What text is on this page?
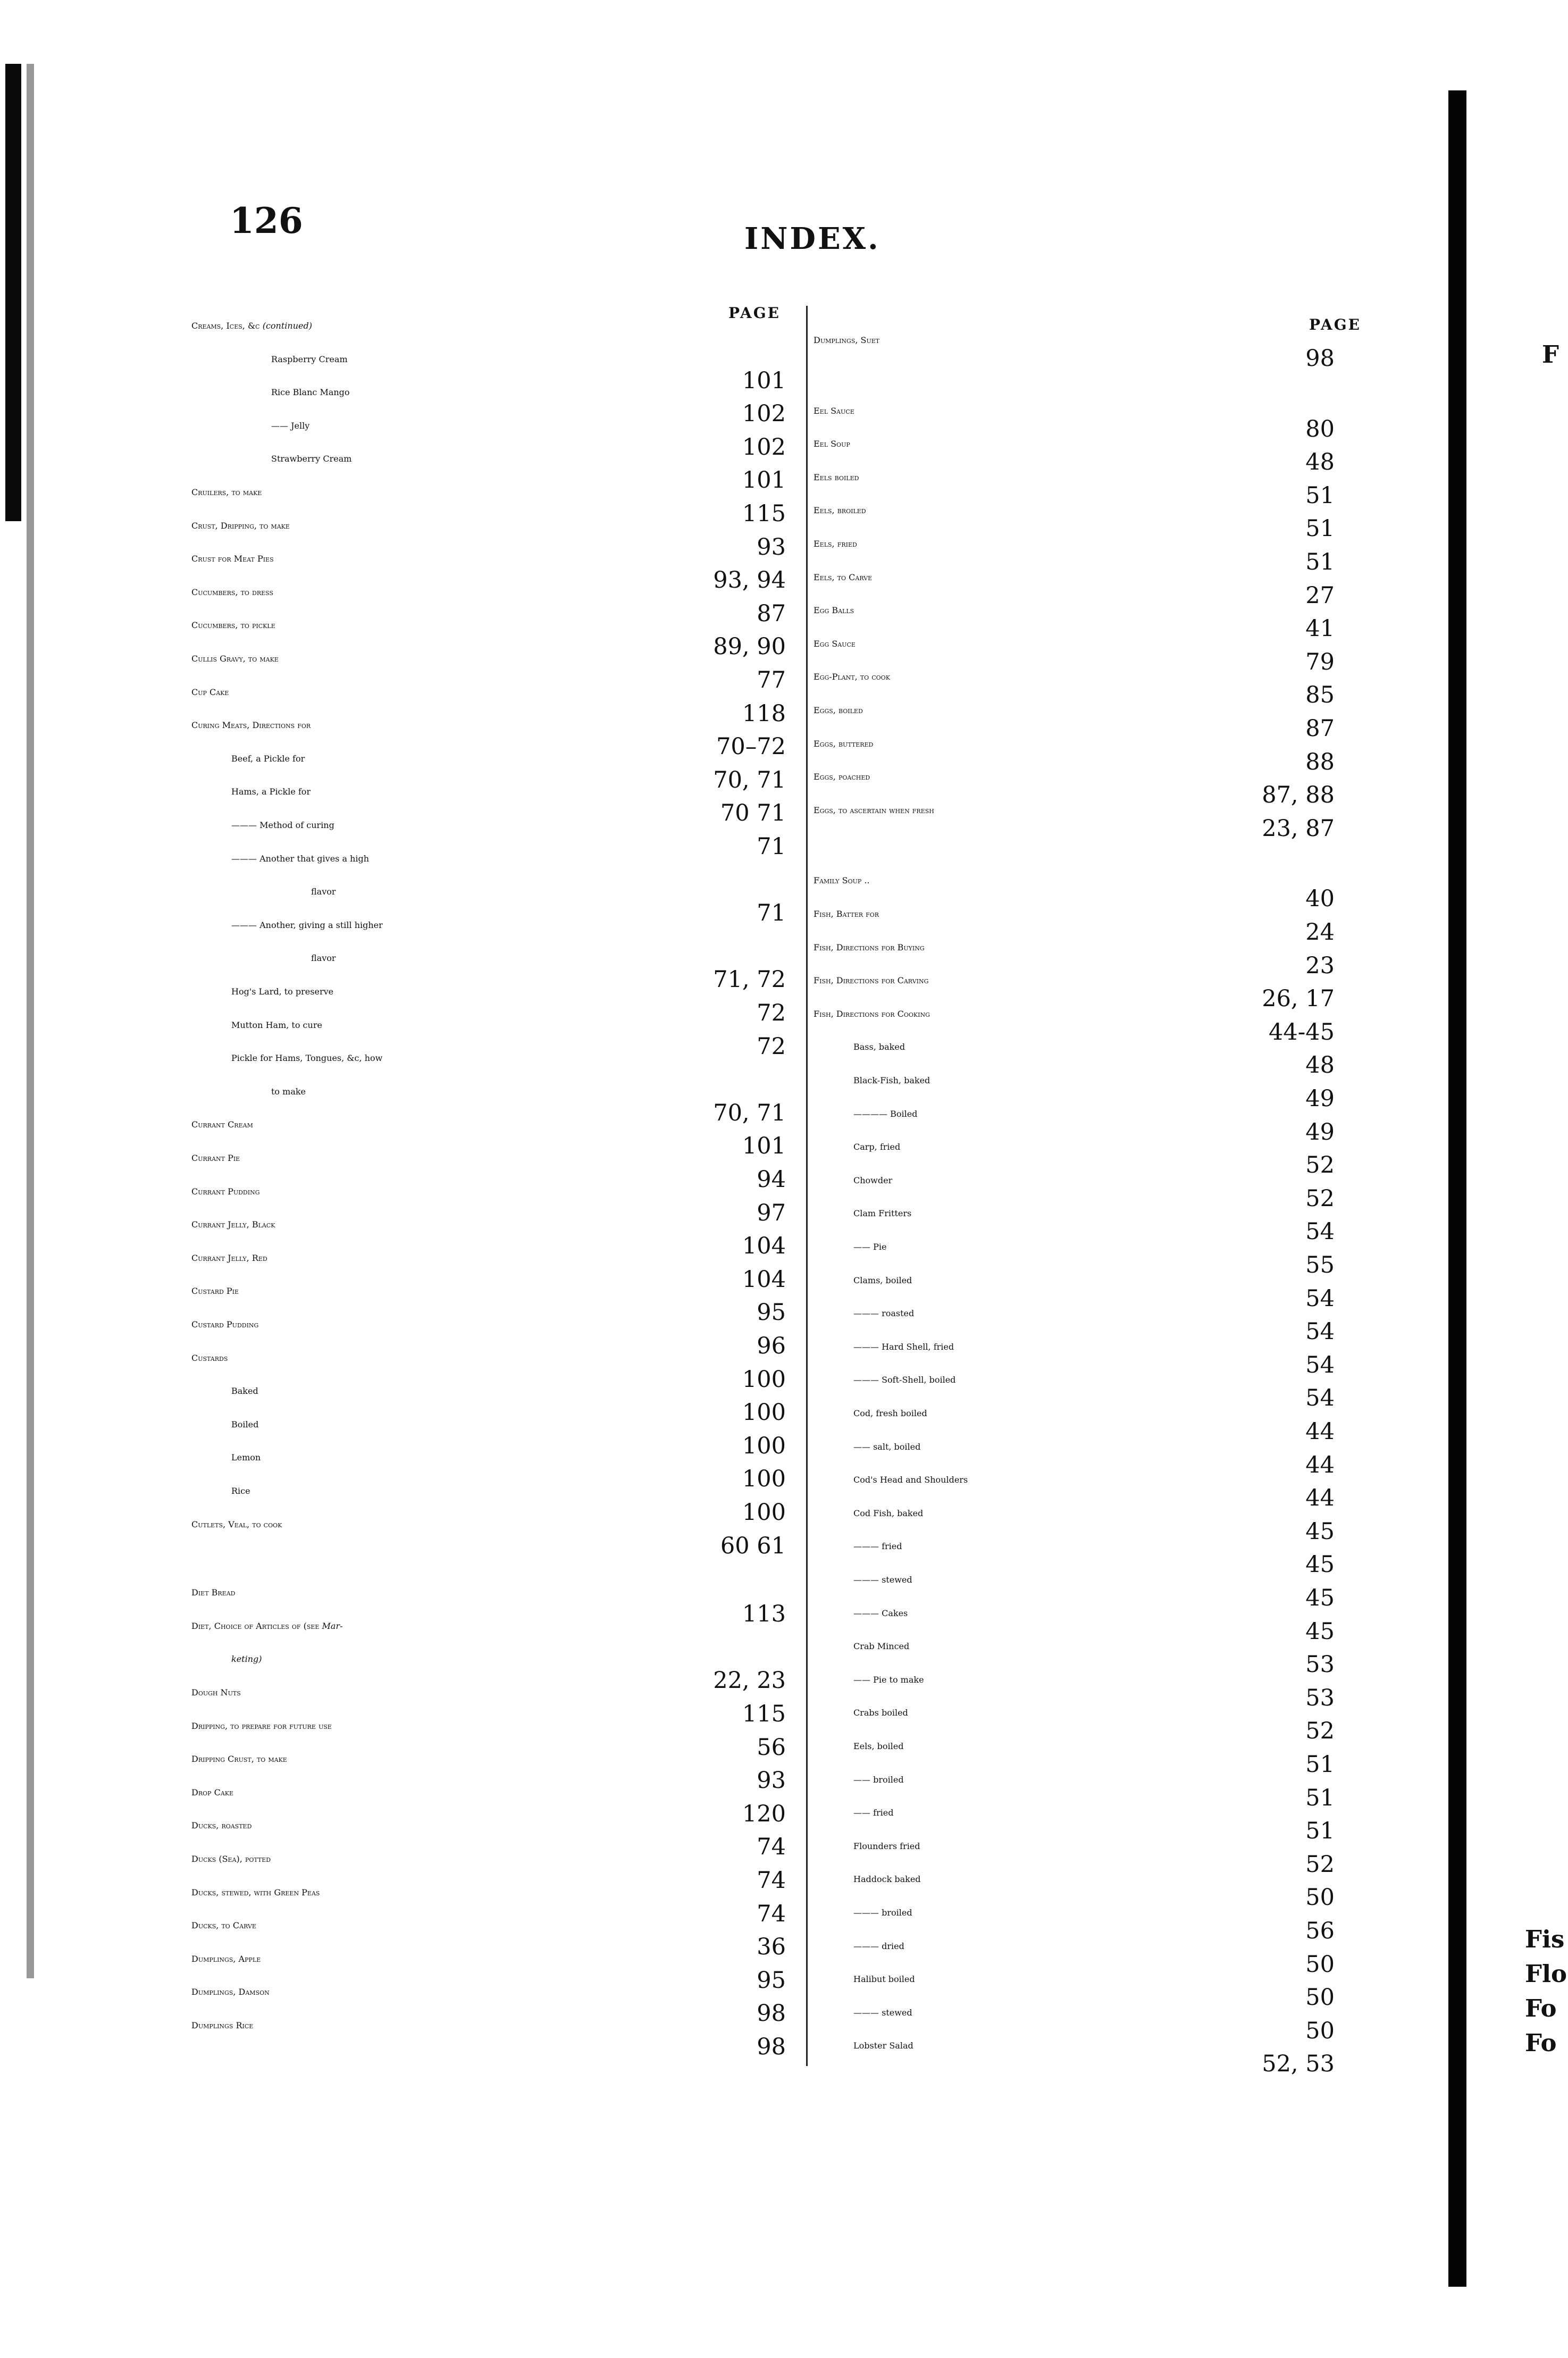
126	INDEX.
PAGE
PAGE
F
Fis
Flo
Fo
Fo
Creams, Ices, &c (continued)
Raspberry Cream
101
Rice Blanc Mango
102
—— Jelly
102
Strawberry Cream
101
Cruilers, to make
115
Crust, Dripping, to make
93
Crust for Meat Pies
93, 94
Cucumbers, to dress
87
Cucumbers, to pickle
89, 90
Cullis Gravy, to make
77
Cup Cake
118
Curing Meats, Directions for
70–72
Beef, a Pickle for
70, 71
Hams, a Pickle for
70 71
——— Method of curing
71
——— Another that gives a high
flavor
71
——— Another, giving a still higher
flavor
71, 72
Hog's Lard, to preserve
72
Mutton Ham, to cure
72
Pickle for Hams, Tongues, &c, how
to make
70, 71
Currant Cream
101
Currant Pie
94
Currant Pudding
97
Currant Jelly, Black
104
Currant Jelly, Red
104
Custard Pie
95
Custard Pudding
96
Custards
100
Baked
100
Boiled
100
Lemon
100
Rice
100
Cutlets, Veal, to cook
60 61
Diet Bread
113
Diet, Choice of Articles of (see Mar-
keting)
22, 23
Dough Nuts
115
Dripping, to prepare for future use
56
Dripping Crust, to make
93
Drop Cake
120
Ducks, roasted
74
Ducks (Sea), potted
74
Ducks, stewed, with Green Peas
74
Ducks, to Carve
36
Dumplings, Apple
95
Dumplings, Damson
98
Dumplings Rice
98
Dumplings, Suet
98
Eel Sauce
80
Eel Soup
48
Eels boiled
51
Eels, broiled
51
Eels, fried
51
Eels, to Carve
27
Egg Balls
41
Egg Sauce
79
Egg-Plant, to cook
85
Eggs, boiled
87
Eggs, buttered
88
Eggs, poached
87, 88
Eggs, to ascertain when fresh
23, 87
Family Soup ..
40
Fish, Batter for
24
Fish, Directions for Buying
23
Fish, Directions for Carving
26, 17
Fish, Directions for Cooking
44-45
Bass, baked
48
Black-Fish, baked
49
———— Boiled
49
Carp, fried
52
Chowder
52
Clam Fritters
54
—— Pie
55
Clams, boiled
54
——— roasted
54
——— Hard Shell, fried
54
——— Soft-Shell, boiled
54
Cod, fresh boiled
44
—— salt, boiled
44
Cod's Head and Shoulders
44
Cod Fish, baked
45
——— fried
45
——— stewed
45
——— Cakes
45
Crab Minced
53
—— Pie to make
53
Crabs boiled
52
Eels, boiled
51
—— broiled
51
—— fried
51
Flounders fried
52
Haddock baked
50
——— broiled
56
——— dried
50
Halibut boiled
50
——— stewed
50
Lobster Salad
52, 53
